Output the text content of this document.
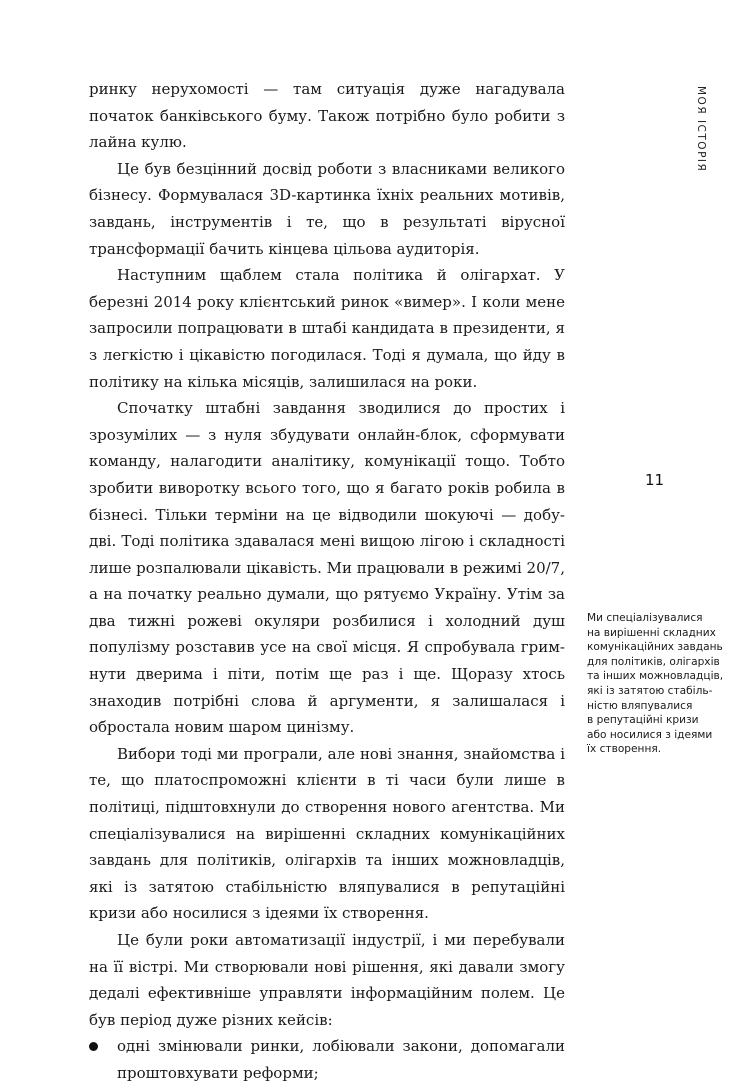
МОЯ ІСТОРІЯ
11

ринку нерухомості — там ситуація дуже нагадувала початок банківського буму. Також потрібно було робити з лайна кулю.

Це був безцінний досвід роботи з власниками великого бізнесу. Формувалася 3D-картинка їхніх реальних мотивів, завдань, інструментів і те, що в результаті вірусної трансформації бачить кінцева цільова аудиторія.

Наступним щаблем стала політика й олігархат. У березні 2014 року клієнтський ринок «вимер». І коли мене запросили попрацювати в штабі кандидата в президенти, я з легкістю і цікавістю погодилася. Тоді я думала, що йду в політику на кілька місяців, залишилася на роки.

Спочатку штабні завдання зводилися до простих і зрозумілих — з нуля збудувати онлайн-блок, сформувати команду, налагодити аналітику, комунікації тощо. Тобто зробити виворотку всього того, що я багато років робила в бізнесі. Тільки терміни на це відводили шокуючі — добу-дві. Тоді політика здавалася мені вищою лігою і складності лише розпалювали цікавість. Ми працювали в режимі 20/7, а на початку реально думали, що рятуємо Україну. Утім за два тижні рожеві окуляри розбилися і холодний душ популізму розставив усе на свої місця. Я спробувала гримнути дверима і піти, потім ще раз і ще. Щоразу хтось знаходив потрібні слова й аргументи, я залишалася і обростала новим шаром цинізму.

Вибори тоді ми програли, але нові знання, знайомства і те, що платоспроможні клієнти в ті часи були лише в політиці, підштовхнули до створення нового агентства. Ми спеціалізувалися на вирішенні складних комунікаційних завдань для політиків, олігархів та інших можновладців, які із затятою стабільністю вляпувалися в репутаційні кризи або носилися з ідеями їх створення.

Це були роки автоматизації індустрії, і ми перебували на її вістрі. Ми створювали нові рішення, які давали змогу дедалі ефективніше управляти інформаційним полем. Це був період дуже різних кейсів:

одні змінювали ринки, лобіювали закони, допомагали проштовхувати реформи;
Ми спеціалізувалися
на вирішенні складних
комунікаційних завдань
для політиків, олігархів
та інших можновладців,
які із затятою стабіль-
ністю вляпувалися
в репутаційні кризи
або носилися з ідеями
їх створення.
